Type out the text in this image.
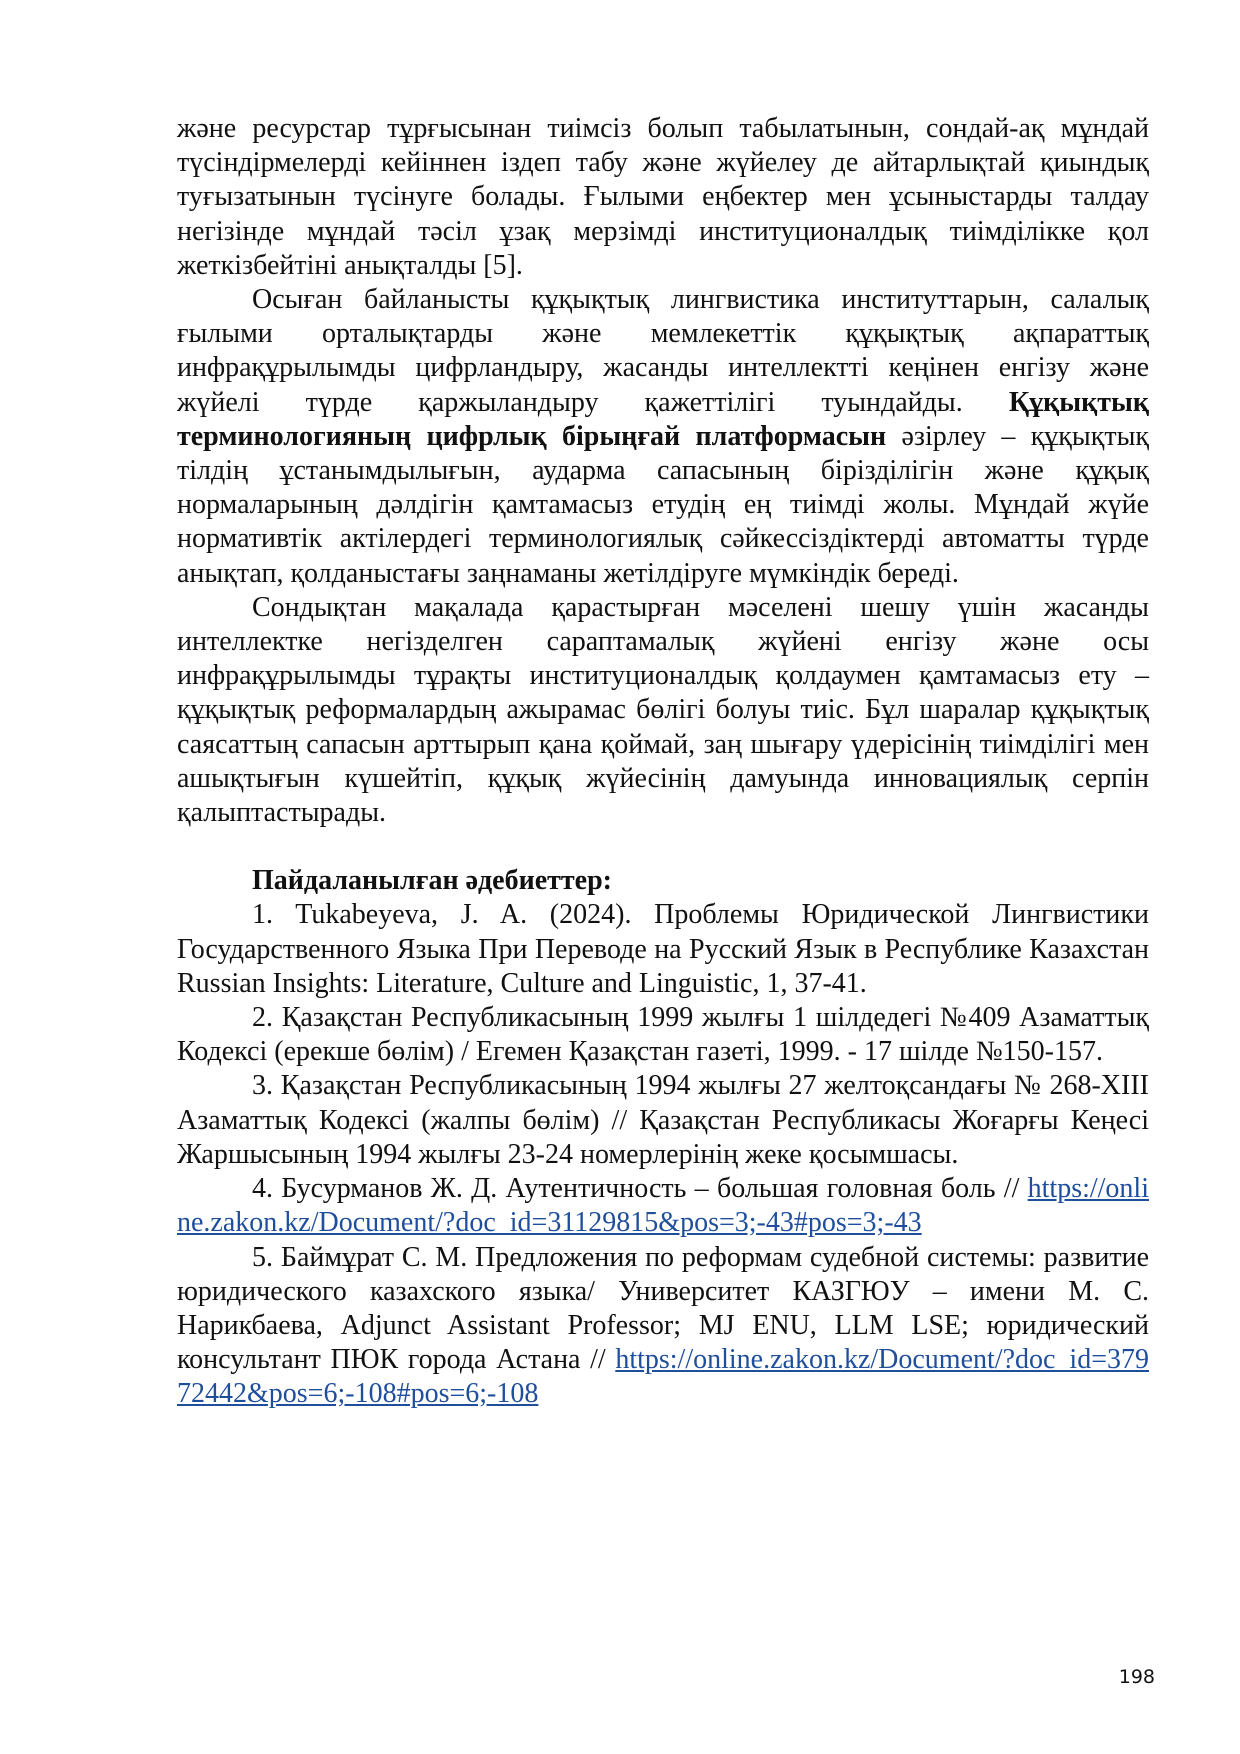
және ресурстар тұрғысынан тиімсіз болып табылатынын, сондай-ақ мұндай түсіндірмелерді кейіннен іздеп табу және жүйелеу де айтарлықтай қиындық туғызатынын түсінуге болады. Ғылыми еңбектер мен ұсыныстарды талдау негізінде мұндай тәсіл ұзақ мерзімді институционалдық тиімділікке қол жеткізбейтіні анықталды [5].

Осыған байланысты құқықтық лингвистика институттарын, салалық ғылыми орталықтарды және мемлекеттік құқықтық ақпараттық инфрақұрылымды цифрландыру, жасанды интеллектті кеңінен енгізу және жүйелі түрде қаржыландыру қажеттілігі туындайды. Құқықтық терминологияның цифрлық бірыңғай платформасын әзірлеу – құқықтық тілдің ұстанымдылығын, аударма сапасының біріздiлiгiн және құқық нормаларының дәлдігін қамтамасыз етудің ең тиімді жолы. Мұндай жүйе нормативтік актілердегі терминологиялық сәйкессіздіктерді автоматты түрде анықтап, қолданыстағы заңнаманы жетілдіруге мүмкіндік береді.

Сондықтан мақалада қарастырған мәселені шешу үшін жасанды интеллектке негізделген сараптамалық жүйені енгізу және осы инфрақұрылымды тұрақты институционалдық қолдаумен қамтамасыз ету – құқықтық реформалардың ажырамас бөлігі болуы тиіс. Бұл шаралар құқықтық саясаттың сапасын арттырып қана қоймай, заң шығару үдерісінің тиімділігі мен ашықтығын күшейтіп, құқық жүйесінің дамуында инновациялық серпін қалыптастырады.

Пайдаланылған әдебиеттер:

1. Tukabeyeva, J. A. (2024). Проблемы Юридической Лингвистики Государственного Языка При Переводе на Русский Язык в Республике Казахстан Russian Insights: Literature, Culture and Linguistic, 1, 37-41.

2. Қазақстан Республикасының 1999 жылғы 1 шілдедегі №409 Азаматтық Кодексі (ерекше бөлім) / Егемен Қазақстан газеті, 1999. - 17 шілде №150-157.

3. Қазақстан Республикасының 1994 жылғы 27 желтоқсандағы № 268-XIII Азаматтық Кодексі (жалпы бөлім) // Қазақстан Республикасы Жоғарғы Кеңесі Жаршысының 1994 жылғы 23-24 номерлерінің жеке қосымшасы.

4. Бусурманов Ж. Д. Аутентичность – большая головная боль // https://online.zakon.kz/Document/?doc_id=31129815&pos=3;-43#pos=3;-43

5. Баймұрат С. М. Предложения по реформам судебной системы: развитие юридического казахского языка/ Университет КАЗГЮУ – имени М. С. Нарикбаева, Adjunct Assistant Professor; MJ ENU, LLM LSE; юридический консультант ПЮК города Астана // https://online.zakon.kz/Document/?doc_id=37972442&pos=6;-108#pos=6;-108

198
